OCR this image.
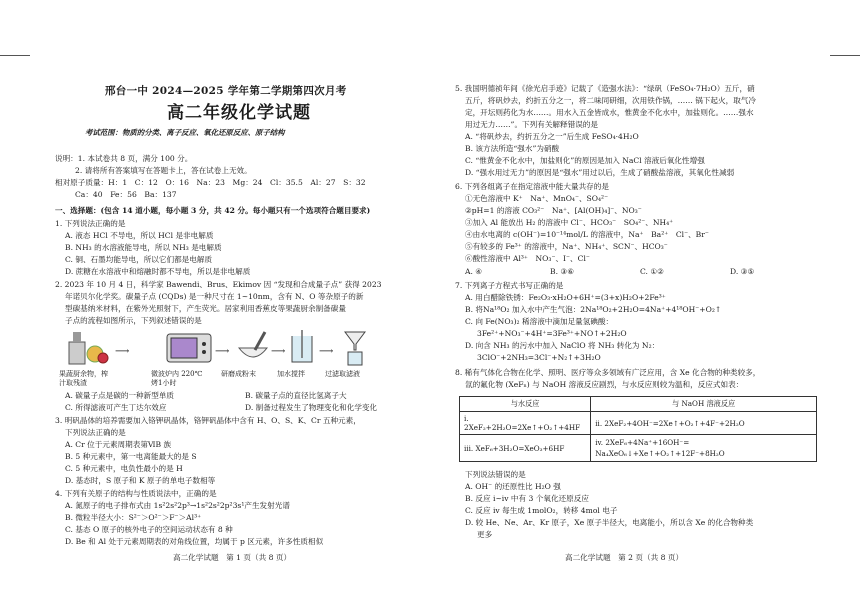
邢台一中 2024—2025 学年第二学期第四次月考
高二年级化学试题
考试范围：物质的分类、离子反应、氧化还原反应、原子结构
说明：1. 本试卷共 8 页，满分 100 分。
2. 请将所有答案填写在答题卡上，答在试卷上无效。
相对原子质量：H：1　C：12　O：16　Na：23　Mg：24　Cl：35.5　Al：27　S：32
Ca：40　Fe：56　Ba：137
一、选择题：(包含 14 道小题，每小题 3 分，共 42 分。每小题只有一个选项符合题目要求)
1. 下列说法正确的是
A. 液态 HCl 不导电，所以 HCl 是非电解质
B. NH₃ 的水溶液能导电，所以 NH₃ 是电解质
C. 铜、石墨均能导电，所以它们都是电解质
D. 蔗糖在水溶液中和熔融时都不导电，所以是非电解质
2. 2023 年 10 月 4 日，科学家 Bawendi、Brus、Ekimov 因 “发现和合成量子点” 获得 2023
年诺贝尔化学奖。碳量子点 (CQDs) 是一种尺寸在 1~10nm，含有 N、O 等杂原子的新
型碳基纳米材料，在紫外光照射下，产生荧光。居家利用香蕉皮等果蔬厨余制备碳量
子点的流程如图所示，下列叙述错误的是
⟶	⟶	⟶	⟶
果蔬厨余物，榨汁取残渣
微波炉内 220℃烤1小时
研磨成粉末	加水搅拌	过滤取滤液
A. 碳量子点是碳的一种新型单质	B. 碳量子点的直径比氢离子大
C. 所得滤液可产生丁达尔效应	D. 制备过程发生了物理变化和化学变化
3. 明矾晶体的培养需要加入铬钾矾晶体，铬钾矾晶体中含有 H、O、S、K、Cr 五种元素，
下列说法正确的是
A. Cr 位于元素周期表第ⅥB 族
B. 5 种元素中，第一电离能最大的是 S
C. 5 种元素中，电负性最小的是 H
D. 基态时，S 原子和 K 原子的单电子数相等
4. 下列有关原子的结构与性质说法中，正确的是
A. 氮原子的电子排布式由 1s²2s²2p³→1s²2s²2p²3s¹产生发射光谱
B. 微粒半径大小：S²⁻＞O²⁻＞F⁻＞Al³⁺
C. 基态 O 原子的核外电子的空间运动状态有 8 种
D. Be 和 Al 处于元素周期表的对角线位置，均属于 p 区元素，许多性质相似
高二化学试题　第 1 页（共 8 页）
5. 我国明德祯年间《徐光启手迹》记载了《造强水法》：“绿矾（FeSO₄·7H₂O）五斤，硝
五斤，将矾炒去，约折五分之一，将二味同研细，次用铁作锅，…… 锅下起火，取气冷
定，开坛则药化为水……。用水入五金皆成水，惟黄金不化水中，加盐则化。……强水
用过无力……”。下列有关解释错误的是
A. “将矾炒去，约折五分之一”后生成 FeSO₄·4H₂O
B. 该方法所造“强水”为硝酸
C. “惟黄金不化水中，加盐则化”的原因是加入 NaCl 溶液后氧化性增强
D. “强水用过无力”的原因是“强水”用过以后，生成了硝酸盐溶液，其氧化性减弱
6. 下列各组离子在指定溶液中能大量共存的是
①无色溶液中 K⁺　Na⁺、MnO₄⁻、SO₄²⁻
②pH=1 的溶液 CO₃²⁻　Na⁺、[Al(OH)₄]⁻、NO₃⁻
③加入 Al 能放出 H₂ 的溶液中 Cl⁻、HCO₃⁻　SO₄²⁻、NH₄⁺
④由水电离的 c(OH⁻)=10⁻¹⁴mol/L 的溶液中，Na⁺　Ba²⁺　Cl⁻、Br⁻
⑤有较多的 Fe³⁺ 的溶液中，Na⁺、NH₄⁺、SCN⁻、HCO₃⁻
⑥酸性溶液中 Al³⁺　NO₃⁻、I⁻、Cl⁻
A. ④	B. ③⑥	C. ①②	D. ③⑤
7. 下列离子方程式书写正确的是
A. 用白醋除铁锈：Fe₂O₃·xH₂O+6H⁺=(3+x)H₂O+2Fe³⁺
B. 将Na¹⁸O₂ 加入水中产生气泡：2Na¹⁸O₂+2H₂O=4Na⁺+4¹⁸OH⁻+O₂↑
C. 向 Fe(NO₃)₂ 稀溶液中滴加足量氢碘酸：
3Fe²⁺+NO₃⁻+4H⁺=3Fe³⁺+NO↑+2H₂O
D. 向含 NH₃ 的污水中加入 NaClO 将 NH₃ 转化为 N₂：
3ClO⁻+2NH₃=3Cl⁻+N₂↑+3H₂O
8. 稀有气体化合物在化学、照明、医疗等众多领域有广泛应用，含 Xe 化合物的种类较多，
氙的氟化物 (XeFₙ) 与 NaOH 溶液反应剧烈，与水反应则较为温和，反应式如表：
与水反应	与 NaOH 溶液反应
i. 2XeF₂+2H₂O=2Xe↑+O₂↑+4HF	ii. 2XeF₂+4OH⁻=2Xe↑+O₂↑+4F⁻+2H₂O
iii. XeF₆+3H₂O=XeO₃+6HF	iv. 2XeF₆+4Na⁺+16OH⁻= Na₄XeO₆↓+Xe↑+O₂↑+12F⁻+8H₂O
下列说法错误的是
A. OH⁻ 的还原性比 H₂O 强
B. 反应 i~iv 中有 3 个氧化还原反应
C. 反应 iv 每生成 1molO₂，转移 4mol 电子
D. 较 He、Ne、Ar、Kr 原子，Xe 原子半径大，电离能小，所以含 Xe 的化合物种类
更多
高二化学试题　第 2 页（共 8 页）
